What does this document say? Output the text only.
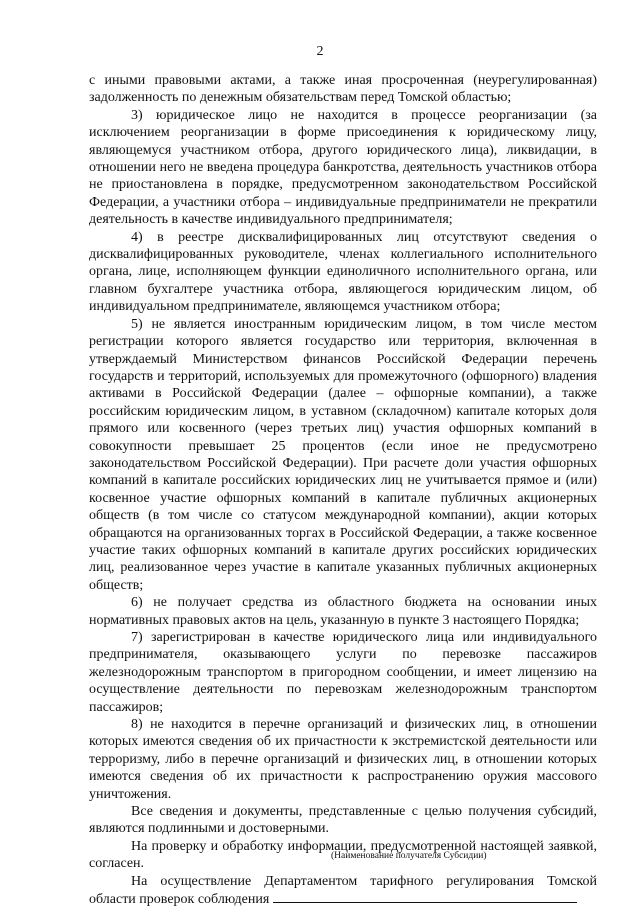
2

с иными правовыми актами, а также иная просроченная (неурегулированная) задолженность по денежным обязательствам перед Томской областью;

3) юридическое лицо не находится в процессе реорганизации (за исключением реорганизации в форме присоединения к юридическому лицу, являющемуся участником отбора, другого юридического лица), ликвидации, в отношении него не введена процедура банкротства, деятельность участников отбора не приостановлена в порядке, предусмотренном законодательством Российской Федерации, а участники отбора – индивидуальные предприниматели не прекратили деятельность в качестве индивидуального предпринимателя;

4) в реестре дисквалифицированных лиц отсутствуют сведения о дисквалифицированных руководителе, членах коллегиального исполнительного органа, лице, исполняющем функции единоличного исполнительного органа, или главном бухгалтере участника отбора, являющегося юридическим лицом, об индивидуальном предпринимателе, являющемся участником отбора;

5) не является иностранным юридическим лицом, в том числе местом регистрации которого является государство или территория, включенная в утверждаемый Министерством финансов Российской Федерации перечень государств и территорий, используемых для промежуточного (офшорного) владения активами в Российской Федерации (далее – офшорные компании), а также российским юридическим лицом, в уставном (складочном) капитале которых доля прямого или косвенного (через третьих лиц) участия офшорных компаний в совокупности превышает 25 процентов (если иное не предусмотрено законодательством Российской Федерации). При расчете доли участия офшорных компаний в капитале российских юридических лиц не учитывается прямое и (или) косвенное участие офшорных компаний в капитале публичных акционерных обществ (в том числе со статусом международной компании), акции которых обращаются на организованных торгах в Российской Федерации, а также косвенное участие таких офшорных компаний в капитале других российских юридических лиц, реализованное через участие в капитале указанных публичных акционерных обществ;

6) не получает средства из областного бюджета на основании иных нормативных правовых актов на цель, указанную в пункте 3 настоящего Порядка;

7) зарегистрирован в качестве юридического лица или индивидуального предпринимателя, оказывающего услуги по перевозке пассажиров железнодорожным транспортом в пригородном сообщении, и имеет лицензию на осуществление деятельности по перевозкам железнодорожным транспортом пассажиров;

8) не находится в перечне организаций и физических лиц, в отношении которых имеются сведения об их причастности к экстремистской деятельности или терроризму, либо в перечне организаций и физических лиц, в отношении которых имеются сведения об их причастности к распространению оружия массового уничтожения.

Все сведения и документы, представленные с целью получения субсидий, являются подлинными и достоверными.

На проверку и обработку информации, предусмотренной настоящей заявкой, согласен.

На осуществление Департаментом тарифного регулирования Томской области проверок соблюдения

(Наименование получателя Субсидии)
